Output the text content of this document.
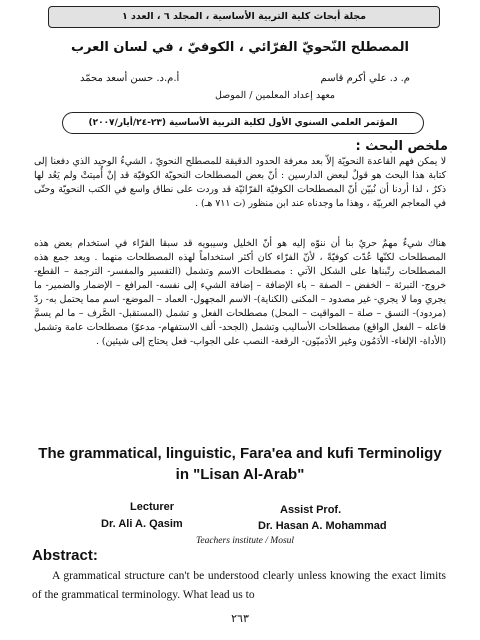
مجلة أبحاث كلية التربية الأساسية ، المجلد ٦ ، العدد ١
المصطلح النّحويّ الفرّائي ، الكوفيّ ، في لسان العرب
م. د. علي أكرم قاسم
أ.م.د. حسن أسعد محمّد
معهد إعداد المعلمين / الموصل
المؤتمر العلمي السنوي الأول لكلية التربية الأساسية (٢٣-٢٤/أيار/٢٠٠٧)
ملخص البحث :
لا يمكن فهم القاعدة النحويّة إلاّ بعد معرفة الحدود الدقيقة للمصطلح النحويّ ، الشيءُ الوحيد الذي دفعنا إلى كتابة هذا البحث هو قولٌ لبعض الدارسين : أنّ بعض المصطلحات النحويّة الكوفيّة قد إنْ أُميتتْ ولم يَعُد لها ذكرٌ ، لذا أردنا أن نُبيّن أنّ المصطلحات الكوفيّة الفرّائيّة قد وردت على نطاق واسع في الكتب النحويّة وحتّى في المعاجم العربيّة ، وهذا ما وجدناه عند ابن منظور (ت ٧١١ هـ) .
هناك شيءٌ مهمٌ حريٌ بنا أن ننوّه إليه هو أنّ الخليل وسيبويه قد سبقا الفرّاء في استخدام بعض هذه المصطلحات لكنّها عُدّت كوفيّةً ، لأنّ الفرّاء كان أكثر استخداماً لهذه المصطلحات منهما . ويعد جمع هذه المصطلحات رتّبناها على الشكل الآتي : مصطلحات الاسم وتشمل (التفسير والمفسر- الترجمة – القطع- خروج- التبرئة – الخفض – الصفة – باء الإضافة – إضافة الشيء إلى نفسه- المرافع – الإضمار والضمير- ما يجري وما لا يجري- غير مصدود – المكنى (الكناية)- الاسم المجهول- العماد – الموضع- اسم مما يحتمل به- ردّ (مردود)- النسق – صلة – المواقيت – المحل) مصطلحات الفعل و تشمل (المستقبل- الصَّرف – ما لم يسمَّ فاعله – الفعل الواقع) مصطلحات الأساليب وتشمل (الجحد- ألف الاستفهام- مدعوّ) مصطلحات عامة وتشمل (الأداة- الإلغاء- الأدَمُون وغير الأدَميّون- الرقعة- النصب على الجواب- فعل يحتاج إلى شيئين) .
The grammatical, linguistic, Fara'ea and kufi Terminoligy in "Lisan Al-Arab"
Lecturer
Dr. Ali A. Qasim
Assist Prof.
Dr. Hasan A. Mohammad
Teachers institute / Mosul
Abstract:
A grammatical structure can't be understood clearly unless knowing the exact limits of the grammatical terminology. What lead us to
٢٦٣
